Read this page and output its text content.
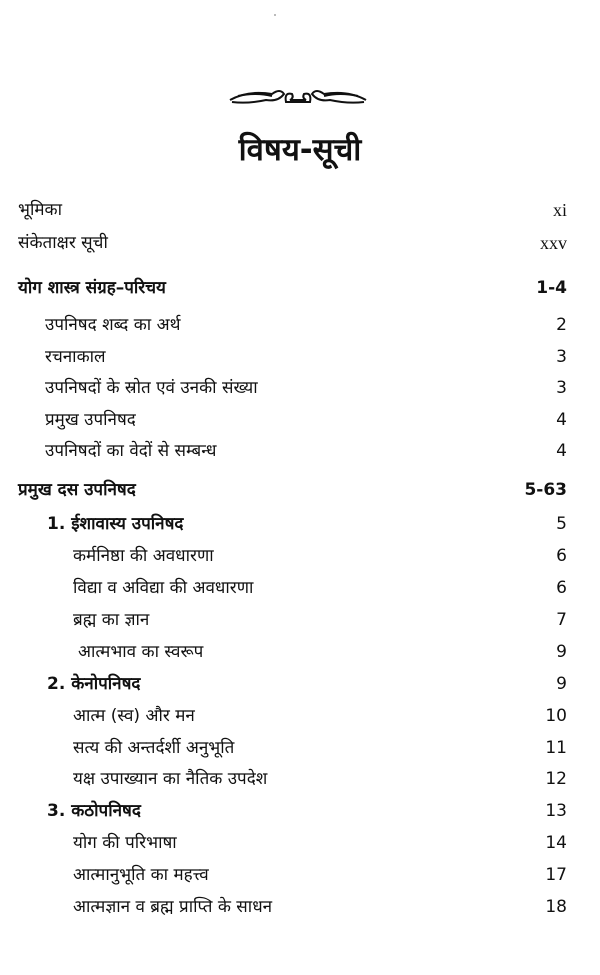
विषय-सूची
भूमिका	xi
संकेताक्षर सूची	xxv
योग शास्त्र संग्रह–परिचय	1-4
उपनिषद शब्द का अर्थ	2
रचनाकाल	3
उपनिषदों के स्रोत एवं उनकी संख्या	3
प्रमुख उपनिषद	4
उपनिषदों का वेदों से सम्बन्ध	4
प्रमुख दस उपनिषद	5-63
1. ईशावास्य उपनिषद	5
कर्मनिष्ठा की अवधारणा	6
विद्या व अविद्या की अवधारणा	6
ब्रह्म का ज्ञान	7
आत्मभाव का स्वरूप	9
2. केनोपनिषद	9
आत्म (स्व) और मन	10
सत्य की अन्तर्दर्शी अनुभूति	11
यक्ष उपाख्यान का नैतिक उपदेश	12
3. कठोपनिषद	13
योग की परिभाषा	14
आत्मानुभूति का महत्त्व	17
आत्मज्ञान व ब्रह्म प्राप्ति के साधन	18
